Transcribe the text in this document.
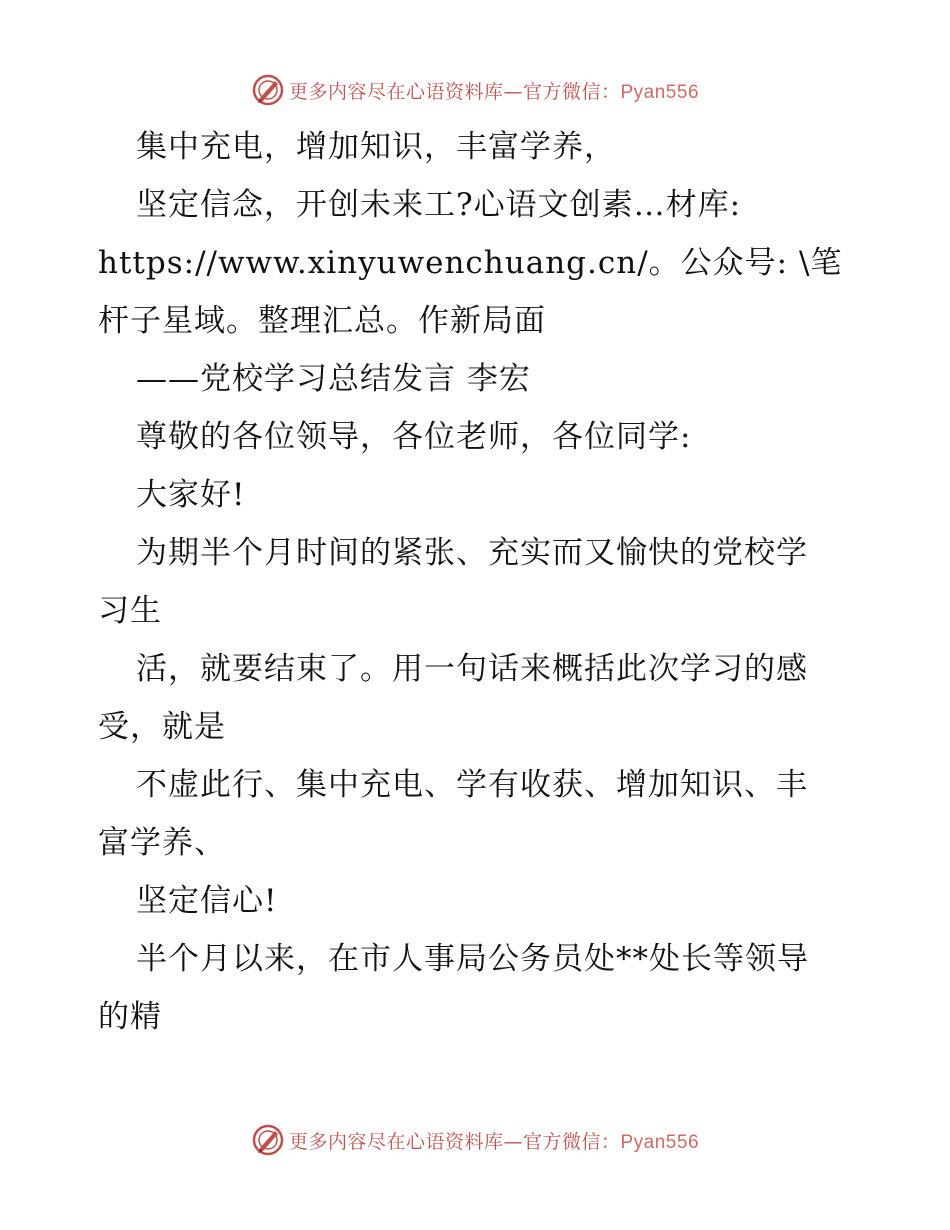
更多内容尽在心语资料库—官方微信：Pyan556
集中充电，增加知识，丰富学养，
坚定信念，开创未来工?心语文创素…材库:
https://www.xinyuwenchuang.cn/。公众号: \笔
杆子星域。整理汇总。作新局面
——党校学习总结发言 李宏
尊敬的各位领导，各位老师，各位同学:
大家好!
为期半个月时间的紧张、充实而又愉快的党校学
习生
活，就要结束了。用一句话来概括此次学习的感
受，就是
不虚此行、集中充电、学有收获、增加知识、丰
富学养、
坚定信心!
半个月以来，在市人事局公务员处**处长等领导
的精
更多内容尽在心语资料库—官方微信：Pyan556
